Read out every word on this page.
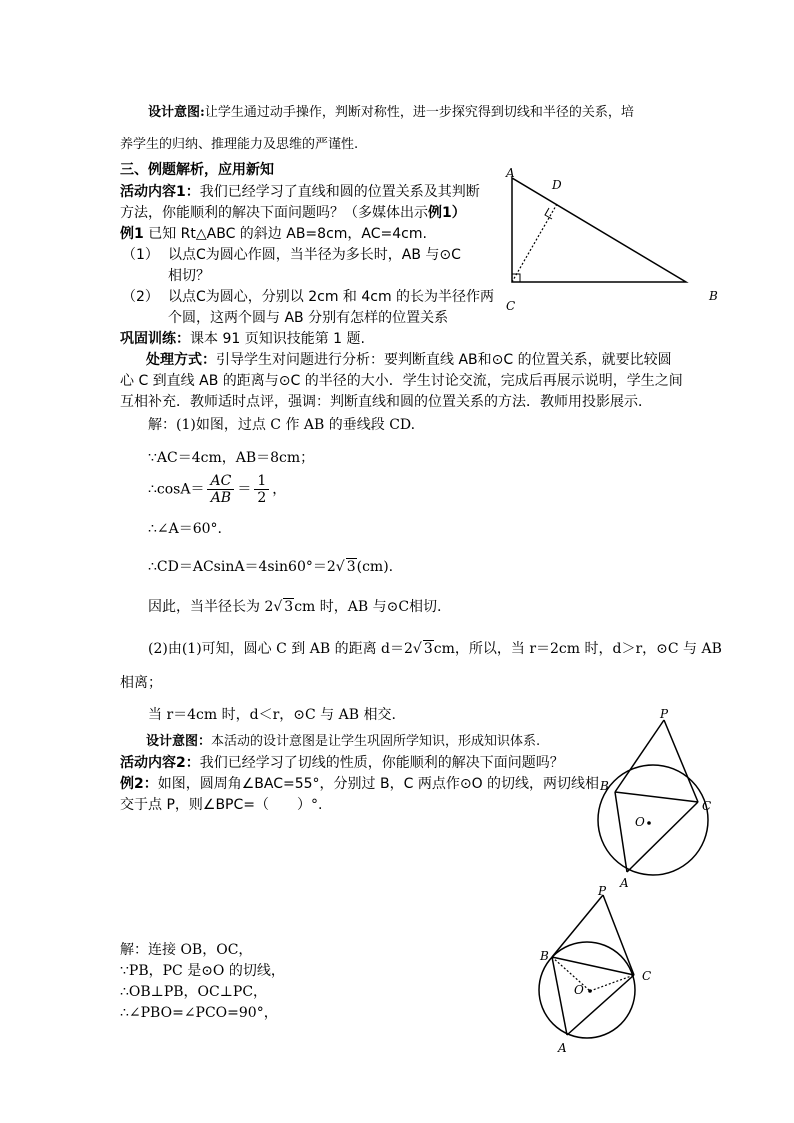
设计意图:让学生通过动手操作，判断对称性，进一步探究得到切线和半径的关系，培
养学生的归纳、推理能力及思维的严谨性.
三、例题解析，应用新知
活动内容1：我们已经学习了直线和圆的位置关系及其判断
方法，你能顺利的解决下面问题吗？（多媒体出示例1）
例1 已知 Rt△ABC 的斜边 AB=8cm，AC=4cm.
（1） 以点C为圆心作圆，当半径为多长时，AB 与⊙C
相切？
（2） 以点C为圆心，分别以 2cm 和 4cm 的长为半径作两
个圆，这两个圆与 AB 分别有怎样的位置关系
A
D
C
B
巩固训练：课本 91 页知识技能第 1 题.
处理方式：引导学生对问题进行分析：要判断直线 AB和⊙C 的位置关系，就要比较圆
心 C 到直线 AB 的距离与⊙C 的半径的大小．学生讨论交流，完成后再展示说明，学生之间
互相补充．教师适时点评，强调：判断直线和圆的位置关系的方法．教师用投影展示．
解：(1)如图，过点 C 作 AB 的垂线段 CD.
∵AC＝4cm，AB＝8cm；
∴cosA＝ $\frac{AC}{AB} = \frac{1}{2}$ ，
∴∠A＝60°.
∴CD＝ACsinA＝4sin60°＝2√ 3(cm).
因此，当半径长为 2√ 3cm 时，AB 与⊙C相切.
(2)由(1)可知，圆心 C 到 AB 的距离 d＝2√ 3cm，所以，当 r＝2cm 时，d＞r，⊙C 与 AB
相离；
当 r＝4cm 时，d＜r，⊙C 与 AB 相交.
设计意图：本活动的设计意图是让学生巩固所学知识，形成知识体系.
活动内容2：我们已经学习了切线的性质，你能顺利的解决下面问题吗？
例2：如图，圆周角∠BAC=55°，分别过 B，C 两点作⊙O 的切线，两切线相
交于点 P，则∠BPC=（　　）°.
P
B
C
O
A
解：连接 OB，OC，
∵PB，PC 是⊙O 的切线，
∴OB⊥PB，OC⊥PC，
∴∠PBO=∠PCO=90°，
P
B
C
O
A
